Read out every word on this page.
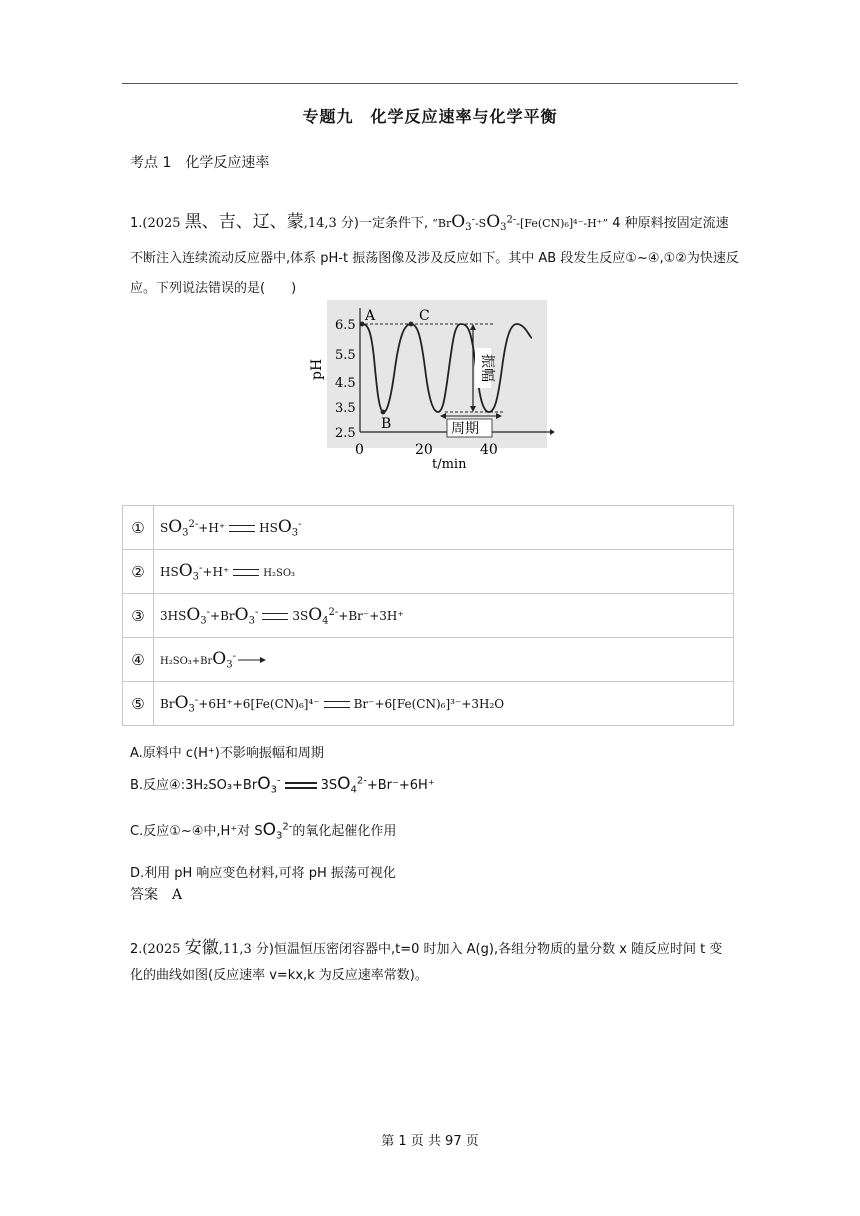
专题九　化学反应速率与化学平衡
考点 1　化学反应速率
1.(2025 黑、吉、辽、蒙,14,3 分)一定条件下, “$BrO_3^--SO_3^{2-}-[Fe(CN)_6]^{4-}-H^+$” 4 种原料按固定流速
不断注入连续流动反应器中,体系 pH-t 振荡图像及涉及反应如下。其中 AB 段发生反应①~④,①②为快速反
应。下列说法错误的是(　　)
pH
6.5
5.5
4.5
3.5
2.5
0	20	40
t/min
A
B
C
振幅
周期
①	$SO_3^{2-}+H^+$ $HSO_3^-$
②	$HSO_3^-+H^+$ H₂SO₃
③	$3HSO_3^-+BrO_3^-$ $3SO_4^{2-}+Br^-+3H^+$
④	H₂SO₃+BrO$_3$-
⑤	BrO$_3$-+6H⁺+6[Fe(CN)₆]⁴⁻ Br⁻+6[Fe(CN)₆]³⁻+3H₂O
A.原料中 c(H⁺)不影响振幅和周期
B.反应④:3H₂SO₃+BrO$_3$-	$3SO_4^{2-}+Br^-+6H^+$
C.反应①~④中,H⁺对 $SO_3^{2-}$的氧化起催化作用
D.利用 pH 响应变色材料,可将 pH 振荡可视化
答案　 A
2.(2025 安徽,11,3 分)恒温恒压密闭容器中,t=0 时加入 A(g),各组分物质的量分数 x 随反应时间 t 变
化的曲线如图(反应速率 v=kx,k 为反应速率常数)。
第 1 页 共 97 页
